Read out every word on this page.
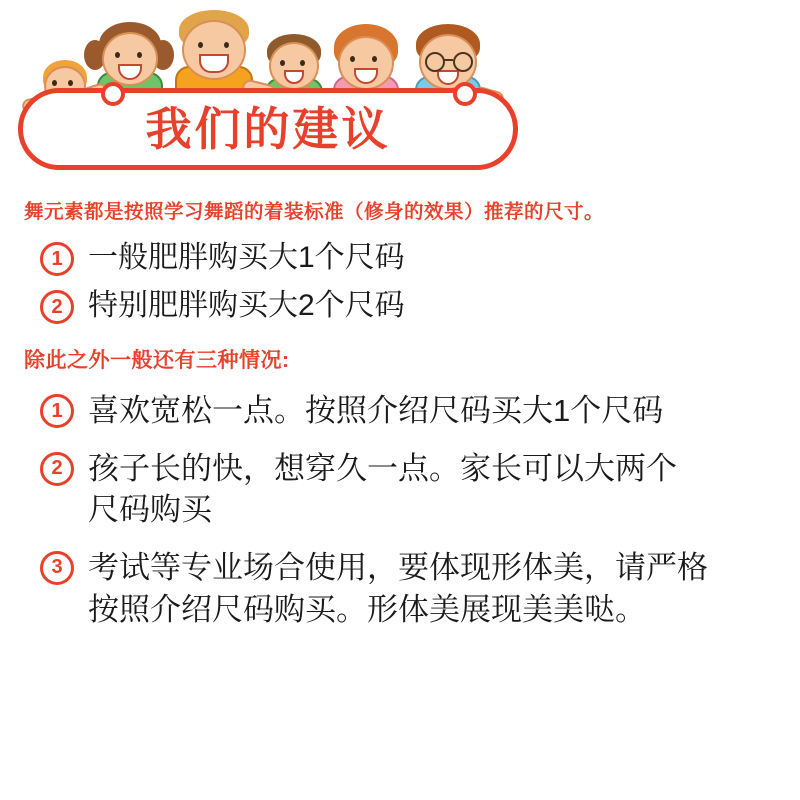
我们的建议
舞元素都是按照学习舞蹈的着装标准（修身的效果）推荐的尺寸。
1 一般肥胖购买大1个尺码
2 特别肥胖购买大2个尺码
除此之外一般还有三种情况:
1 喜欢宽松一点。按照介绍尺码买大1个尺码
2 孩子长的快，想穿久一点。家长可以大两个尺码购买
3 考试等专业场合使用，要体现形体美，请严格按照介绍尺码购买。形体美展现美美哒。
